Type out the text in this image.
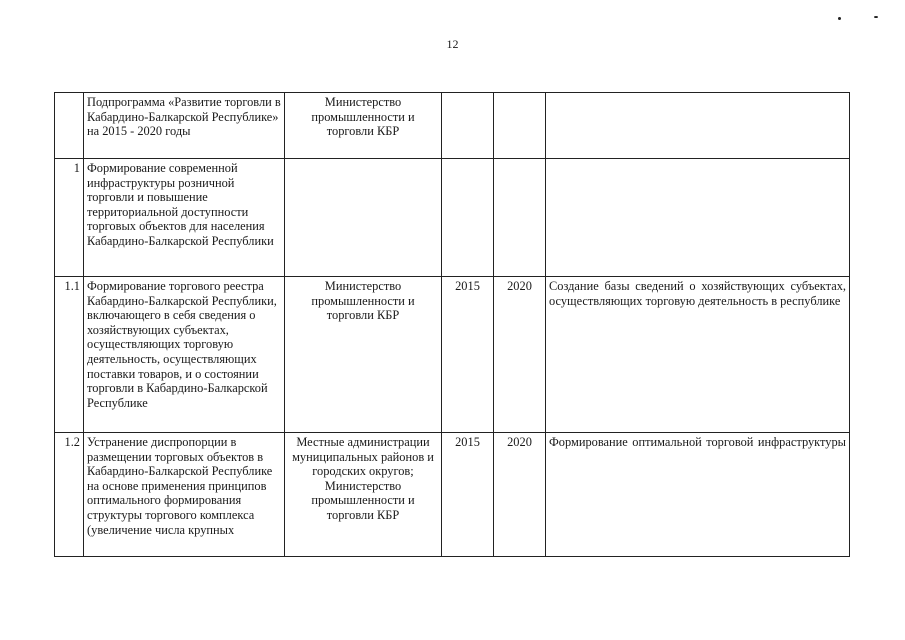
12
	Подпрограмма «Развитие торговли в Кабардино-Балкарской Республике» на 2015 - 2020 годы	Министерство промышленности и торговли КБР			
1	Формирование современной инфраструктуры розничной торговли и повышение территориальной доступности торговых объектов для населения Кабардино-Балкарской Республики				
1.1	Формирование торгового реестра Кабардино-Балкарской Республики, включающего в себя сведения о хозяйствующих субъектах, осуществляющих торговую деятельность, осуществляющих поставки товаров, и о состоянии торговли в Кабардино-Балкарской Республике	Министерство промышленности и торговли КБР	2015	2020	Создание базы сведений о хозяйствующих субъектах, осуществляющих торговую деятельность в республике
1.2	Устранение диспропорции в размещении торговых объектов в Кабардино-Балкарской Республике на основе применения принципов оптимального формирования структуры торгового комплекса (увеличение числа крупных	Местные администрации муниципальных районов и городских округов; Министерство промышленности и торговли КБР	2015	2020	Формирование оптимальной торговой инфраструктуры
